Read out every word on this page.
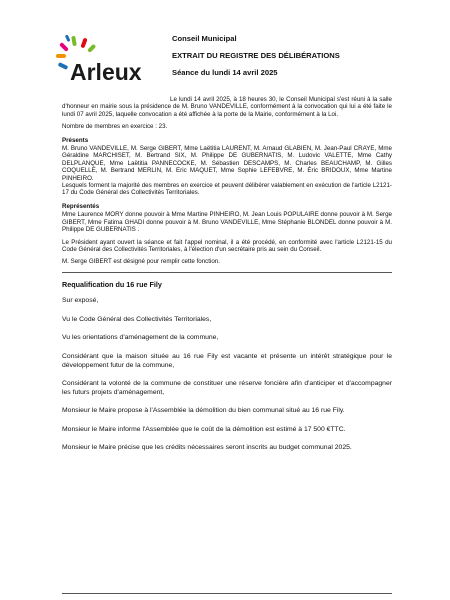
Arleux
Conseil Municipal
EXTRAIT DU REGISTRE DES DÉLIBÉRATIONS
Séance du lundi 14 avril 2025

Le lundi 14 avril 2025, à 18 heures 30, le Conseil Municipal s'est réuni à la salle d'honneur en mairie sous la présidence de M. Bruno VANDEVILLE, conformément à la convocation qui lui a été faite le lundi 07 avril 2025, laquelle convocation a été affichée à la porte de la Mairie, conformément à la Loi.

Nombre de membres en exercice : 23.

Présents

M. Bruno VANDEVILLE, M. Serge GIBERT, Mme Laëtitia LAURENT, M. Arnaud GLABIEN, M. Jean-Paul CRAYE, Mme Géraldine MARCHISET, M. Bertrand SIX, M. Philippe DE GUBERNATIS, M. Ludovic VALETTE, Mme Cathy DELPLANQUE, Mme Laëtitia PANNECOCKE, M. Sébastien DESCAMPS, M. Charles BEAUCHAMP, M. Gilles COQUELLE, M. Bertrand MERLIN, M. Eric MAQUET, Mme Sophie LEFEBVRE, M. Éric BRIDOUX, Mme Martine PINHEIRO.

Lesquels forment la majorité des membres en exercice et peuvent délibérer valablement en exécution de l'article L2121-17 du Code Général des Collectivités Territoriales.

Représentés

Mme Laurence MORY donne pouvoir à Mme Martine PINHEIRO, M. Jean Louis POPULAIRE donne pouvoir à M. Serge GIBERT, Mme Fatima GHADI donne pouvoir à M. Bruno VANDEVILLE, Mme Stéphanie BLONDEL donne pouvoir à M. Philippe DE GUBERNATIS .

Le Président ayant ouvert la séance et fait l'appel nominal, il a été procédé, en conformité avec l'article L2121-15 du Code Général des Collectivités Territoriales, à l'élection d'un secrétaire pris au sein du Conseil.

M. Serge GIBERT est désigné pour remplir cette fonction.

Requalification du 16 rue Fily

Sur exposé,

Vu le Code Général des Collectivités Territoriales,

Vu les orientations d'aménagement de la commune,

Considérant que la maison située au 16 rue Fily est vacante et présente un intérêt stratégique pour le développement futur de la commune,

Considérant la volonté de la commune de constituer une réserve foncière afin d'anticiper et d'accompagner les futurs projets d'aménagement,

Monsieur le Maire propose à l'Assemblée la démolition du bien communal situé au 16 rue Fily.

Monsieur le Maire informe l'Assemblée que le coût de la démolition est estimé à 17 500 €TTC.

Monsieur le Maire précise que les crédits nécessaires seront inscrits au budget communal 2025.
